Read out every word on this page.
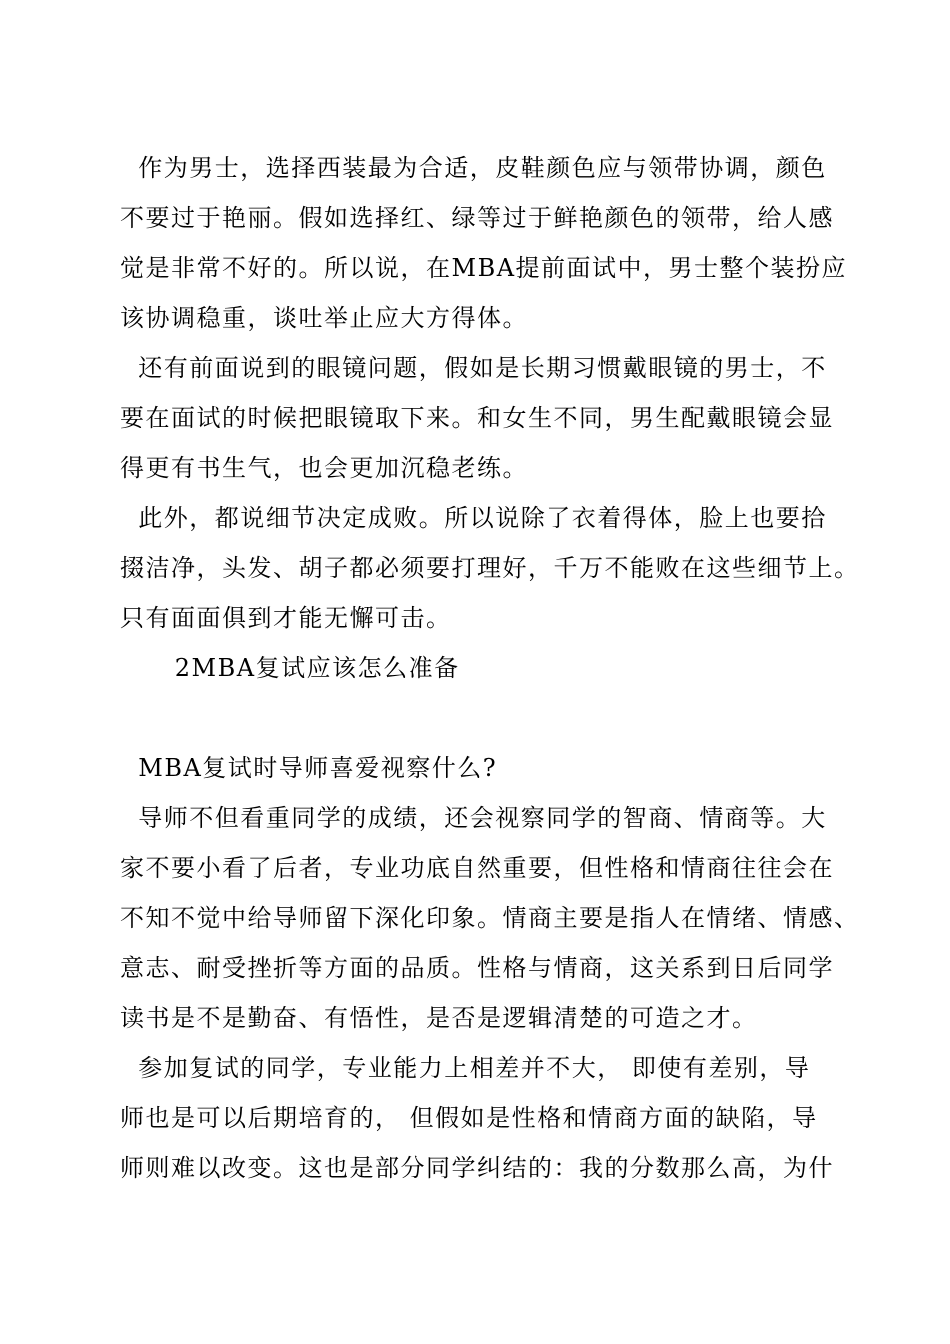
作为男士，选择西装最为合适，皮鞋颜色应与领带协调，颜色

不要过于艳丽。假如选择红、绿等过于鲜艳颜色的领带，给人感

觉是非常不好的。所以说，在MBA提前面试中，男士整个装扮应

该协调稳重，谈吐举止应大方得体。

还有前面说到的眼镜问题，假如是长期习惯戴眼镜的男士，不

要在面试的时候把眼镜取下来。和女生不同，男生配戴眼镜会显

得更有书生气，也会更加沉稳老练。

此外，都说细节决定成败。所以说除了衣着得体，脸上也要拾

掇洁净，头发、胡子都必须要打理好，千万不能败在这些细节上。

只有面面俱到才能无懈可击。

2MBA复试应该怎么准备

MBA复试时导师喜爱视察什么?

导师不但看重同学的成绩，还会视察同学的智商、情商等。大

家不要小看了后者，专业功底自然重要，但性格和情商往往会在

不知不觉中给导师留下深化印象。情商主要是指人在情绪、情感、

意志、耐受挫折等方面的品质。性格与情商，这关系到日后同学

读书是不是勤奋、有悟性，是否是逻辑清楚的可造之才。

参加复试的同学，专业能力上相差并不大， 即使有差别，导

师也是可以后期培育的， 但假如是性格和情商方面的缺陷，导

师则难以改变。这也是部分同学纠结的：我的分数那么高，为什
